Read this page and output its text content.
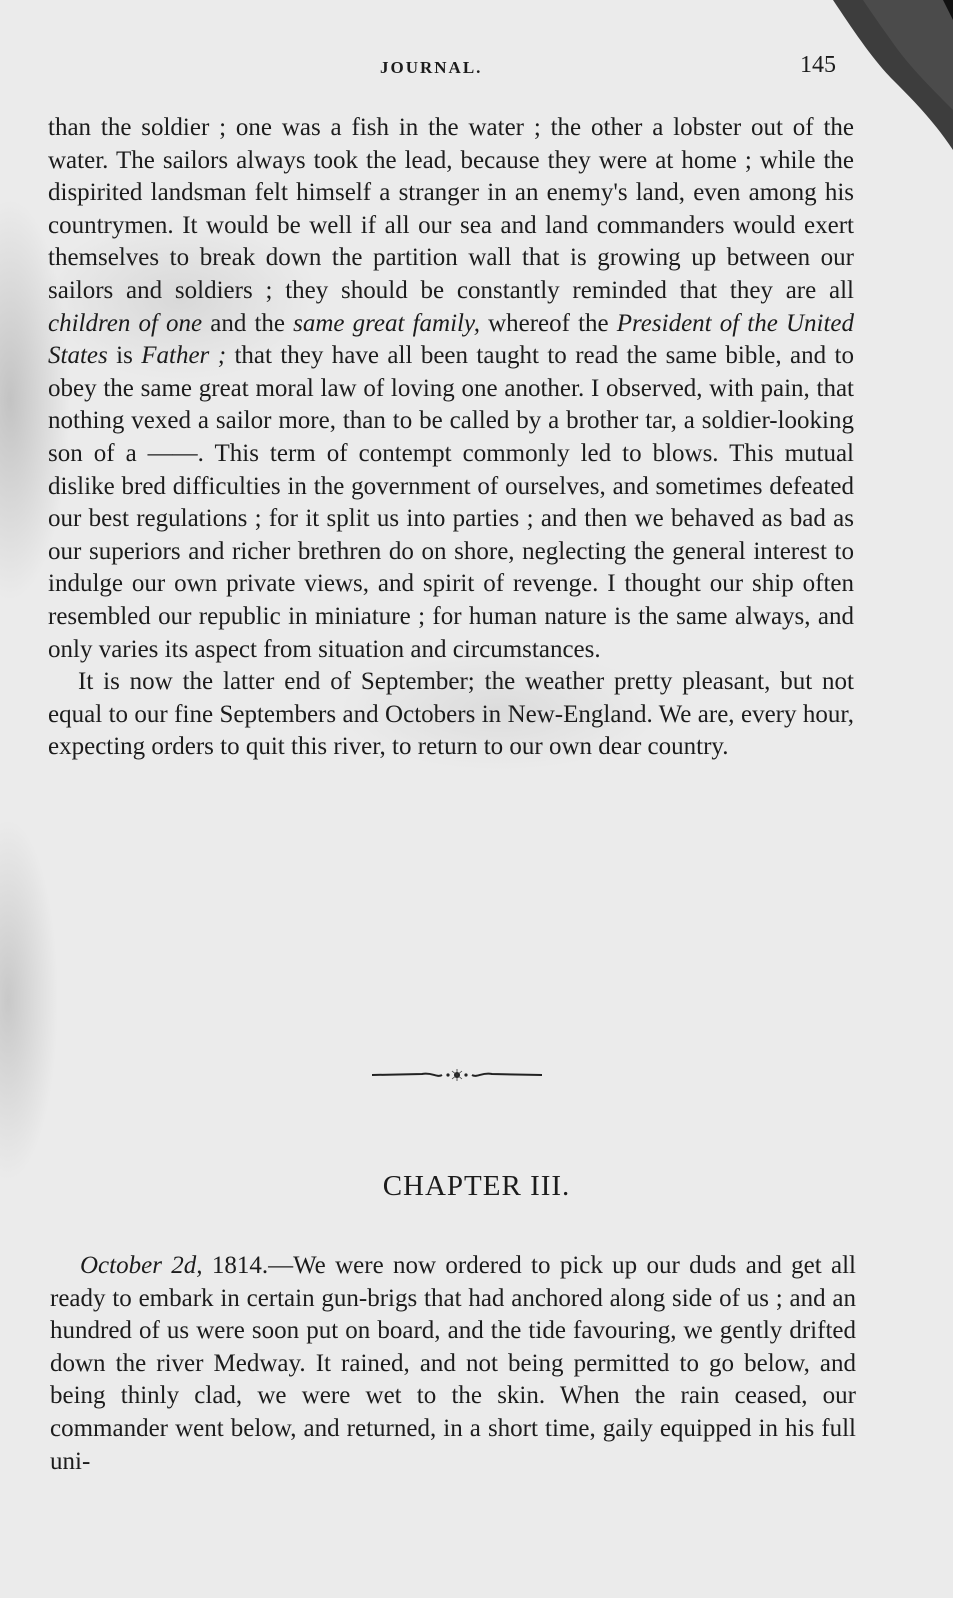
JOURNAL.	145

than the soldier ; one was a fish in the water ; the other a lobster out of the water. The sailors always took the lead, because they were at home ; while the dispirited landsman felt himself a stranger in an enemy's land, even among his countrymen. It would be well if all our sea and land commanders would exert themselves to break down the partition wall that is growing up between our sailors and soldiers ; they should be constantly reminded that they are all children of one and the same great family, whereof the President of the United States is Father ; that they have all been taught to read the same bible, and to obey the same great moral law of loving one another. I observed, with pain, that nothing vexed a sailor more, than to be called by a brother tar, a soldier-looking son of a ——. This term of contempt commonly led to blows. This mutual dislike bred difficulties in the government of ourselves, and sometimes defeated our best regulations ; for it split us into parties ; and then we behaved as bad as our superiors and richer brethren do on shore, neglecting the general interest to indulge our own private views, and spirit of revenge. I thought our ship often resembled our republic in miniature ; for human nature is the same always, and only varies its aspect from situation and circumstances.

It is now the latter end of September; the weather pretty pleasant, but not equal to our fine Septembers and Octobers in New-England. We are, every hour, expecting orders to quit this river, to return to our own dear country.

CHAPTER III.

October 2d, 1814.—We were now ordered to pick up our duds and get all ready to embark in certain gun-brigs that had anchored along side of us ; and an hundred of us were soon put on board, and the tide favouring, we gently drifted down the river Medway. It rained, and not being permitted to go below, and being thinly clad, we were wet to the skin. When the rain ceased, our commander went below, and returned, in a short time, gaily equipped in his full uni-
